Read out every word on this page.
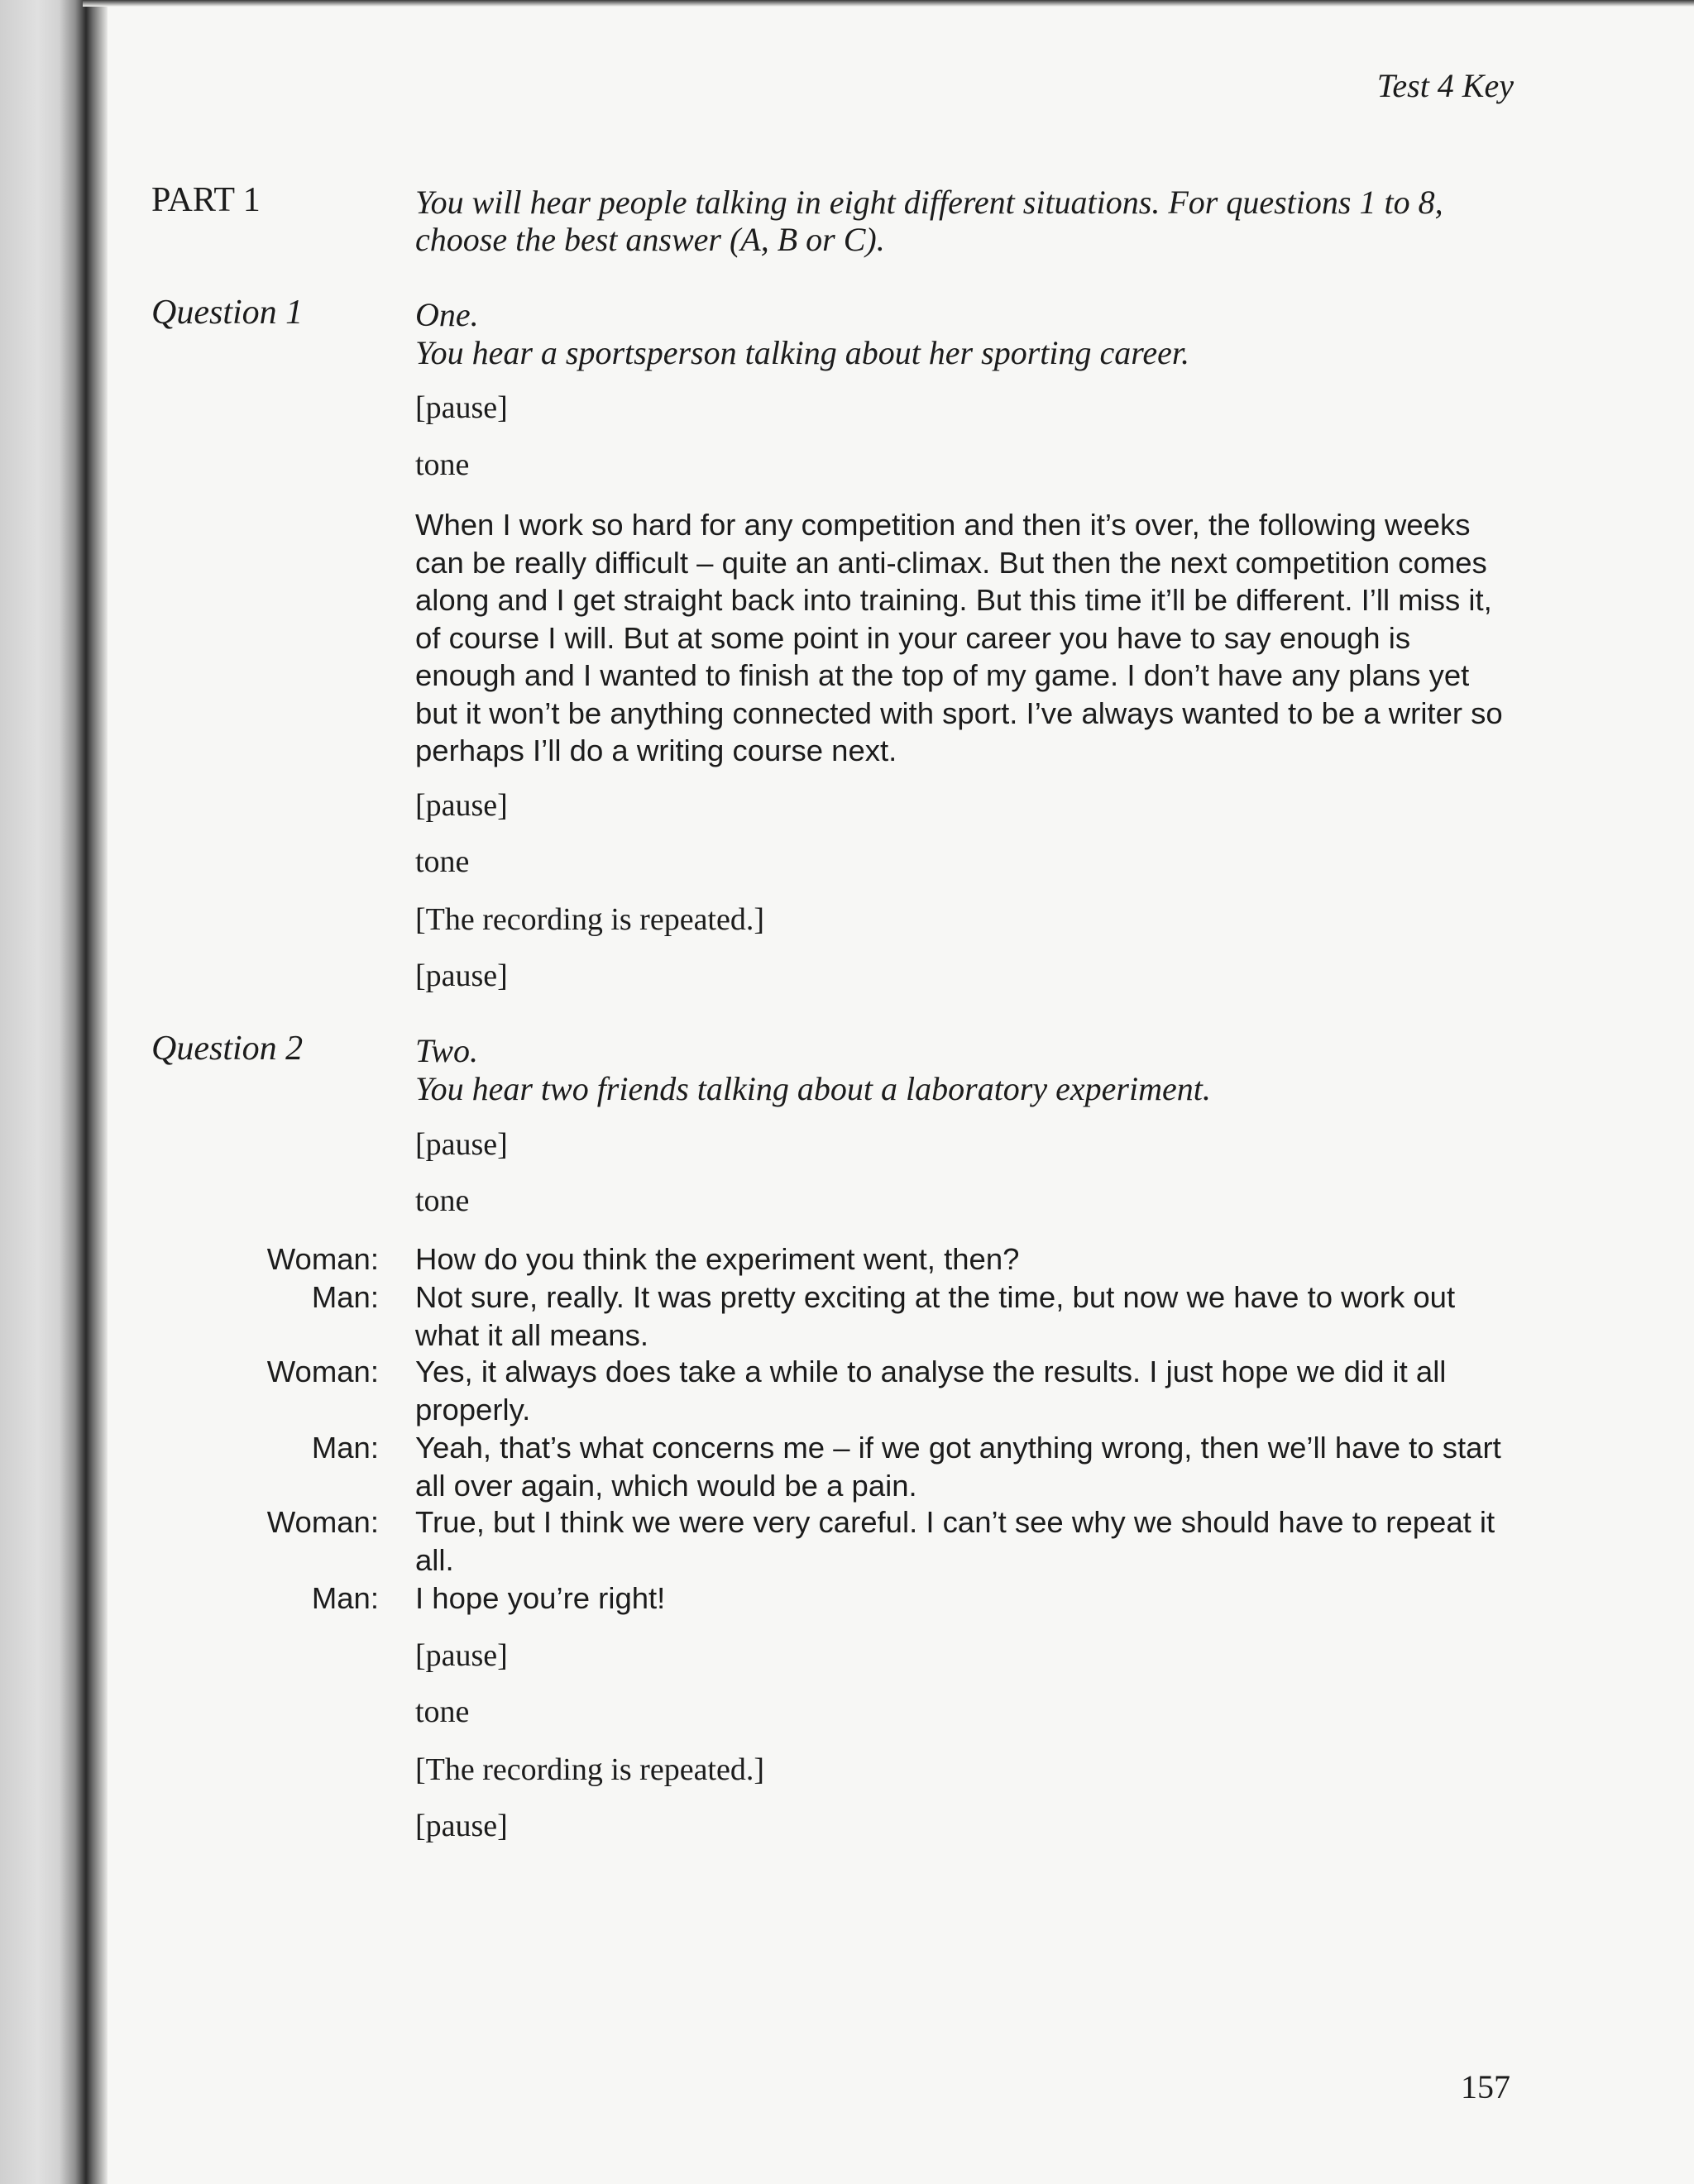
Test 4 Key
PART 1	You will hear people talking in eight different situations. For questions 1 to 8, choose the best answer (A, B or C).
Question 1	One.
You hear a sportsperson talking about her sporting career.
[pause]
tone
When I work so hard for any competition and then it’s over, the following weeks can be really difficult – quite an anti-climax. But then the next competition comes along and I get straight back into training. But this time it’ll be different. I’ll miss it, of course I will. But at some point in your career you have to say enough is enough and I wanted to finish at the top of my game. I don’t have any plans yet but it won’t be anything connected with sport. I’ve always wanted to be a writer so perhaps I’ll do a writing course next.
[pause]
tone
[The recording is repeated.]
[pause]
Question 2	Two.
You hear two friends talking about a laboratory experiment.
[pause]
tone
Woman: How do you think the experiment went, then?
Man: Not sure, really. It was pretty exciting at the time, but now we have to work out what it all means.
Woman: Yes, it always does take a while to analyse the results. I just hope we did it all properly.
Man: Yeah, that’s what concerns me – if we got anything wrong, then we’ll have to start all over again, which would be a pain.
Woman: True, but I think we were very careful. I can’t see why we should have to repeat it all.
Man: I hope you’re right!
[pause]
tone
[The recording is repeated.]
[pause]
157
